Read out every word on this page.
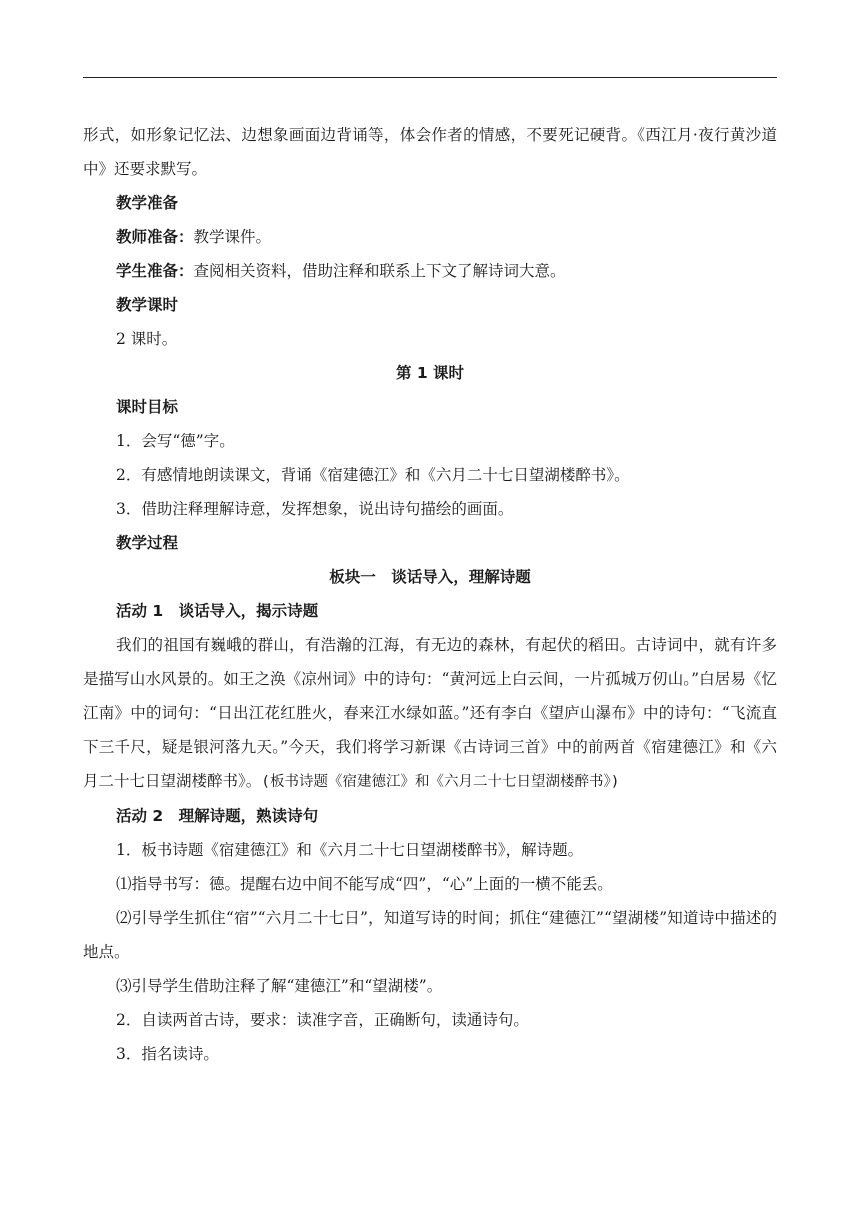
形式，如形象记忆法、边想象画面边背诵等，体会作者的情感，不要死记硬背。《西江月·夜行黄沙道中》还要求默写。

教学准备

教师准备：教学课件。

学生准备：查阅相关资料，借助注释和联系上下文了解诗词大意。

教学课时

2 课时。

第 1 课时

课时目标

1．会写“德”字。

2．有感情地朗读课文，背诵《宿建德江》和《六月二十七日望湖楼醉书》。

3．借助注释理解诗意，发挥想象，说出诗句描绘的画面。

教学过程

板块一　谈话导入，理解诗题

活动 1　谈话导入，揭示诗题

我们的祖国有巍峨的群山，有浩瀚的江海，有无边的森林，有起伏的稻田。古诗词中，就有许多是描写山水风景的。如王之涣《凉州词》中的诗句：“黄河远上白云间，一片孤城万仞山。”白居易《忆江南》中的词句：“日出江花红胜火，春来江水绿如蓝。”还有李白《望庐山瀑布》中的诗句：“飞流直下三千尺，疑是银河落九天。”今天，我们将学习新课《古诗词三首》中的前两首《宿建德江》和《六月二十七日望湖楼醉书》。(板书诗题《宿建德江》和《六月二十七日望湖楼醉书》)

活动 2　理解诗题，熟读诗句

1．板书诗题《宿建德江》和《六月二十七日望湖楼醉书》，解诗题。

⑴指导书写：德。提醒右边中间不能写成“四”，“心”上面的一横不能丢。

⑵引导学生抓住“宿”“六月二十七日”，知道写诗的时间；抓住“建德江”“望湖楼”知道诗中描述的地点。

⑶引导学生借助注释了解“建德江”和“望湖楼”。

2．自读两首古诗，要求：读准字音，正确断句，读通诗句。

3．指名读诗。
